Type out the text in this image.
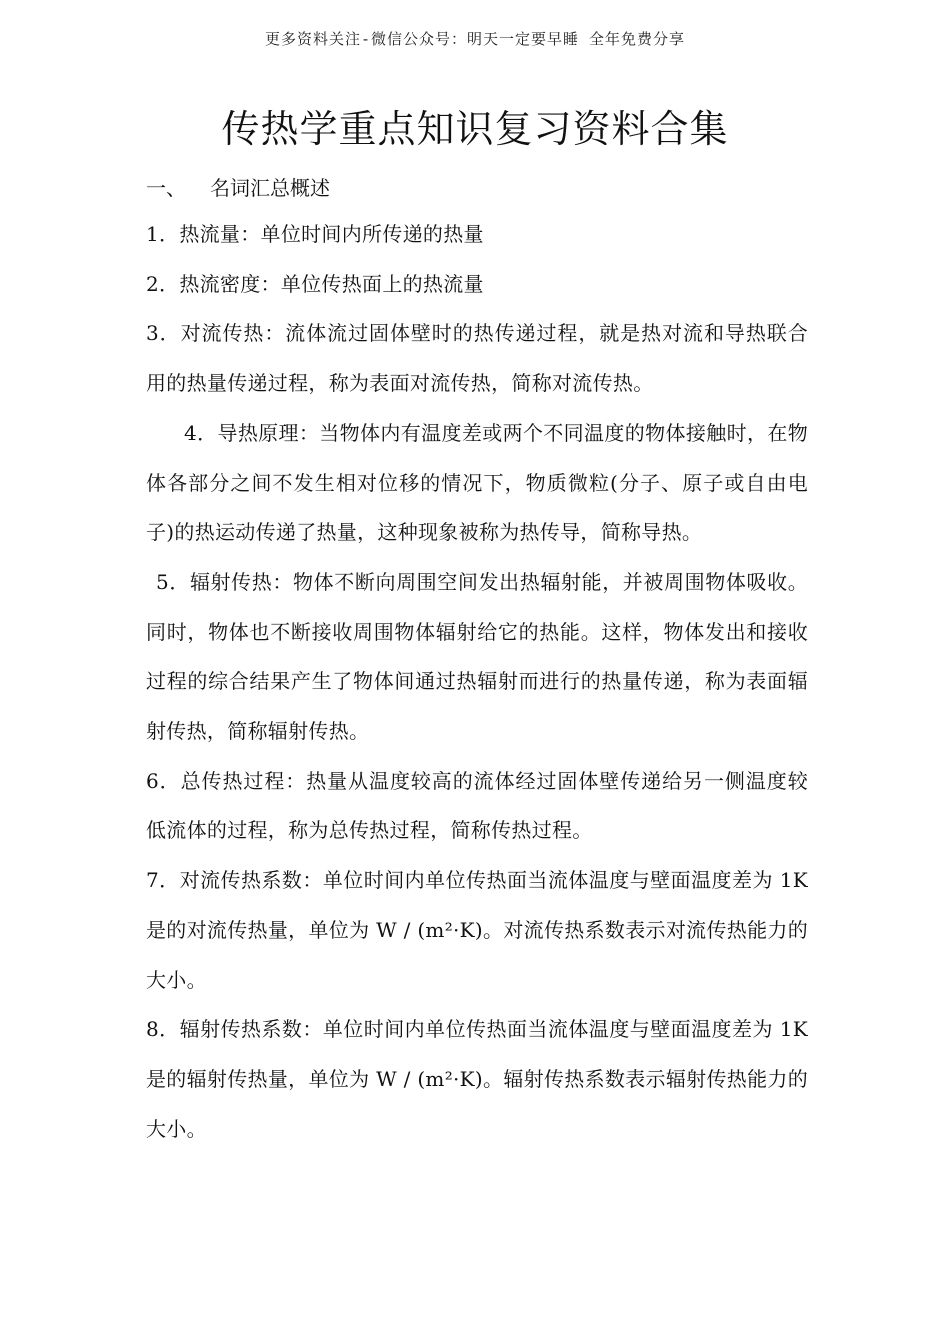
更多资料关注-微信公众号：明天一定要早睡 全年免费分享
传热学重点知识复习资料合集
一、 名词汇总概述

1．热流量：单位时间内所传递的热量

2．热流密度：单位传热面上的热流量

3．对流传热：流体流过固体壁时的热传递过程，就是热对流和导热联合用的热量传递过程，称为表面对流传热，简称对流传热。

4．导热原理：当物体内有温度差或两个不同温度的物体接触时，在物体各部分之间不发生相对位移的情况下，物质微粒(分子、原子或自由电子)的热运动传递了热量，这种现象被称为热传导，简称导热。

5．辐射传热：物体不断向周围空间发出热辐射能，并被周围物体吸收。同时，物体也不断接收周围物体辐射给它的热能。这样，物体发出和接收过程的综合结果产生了物体间通过热辐射而进行的热量传递，称为表面辐射传热，简称辐射传热。

6．总传热过程：热量从温度较高的流体经过固体壁传递给另一侧温度较低流体的过程，称为总传热过程，简称传热过程。

7．对流传热系数：单位时间内单位传热面当流体温度与壁面温度差为 1K 是的对流传热量，单位为 W / (m²·K)。对流传热系数表示对流传热能力的大小。

8．辐射传热系数：单位时间内单位传热面当流体温度与壁面温度差为 1K 是的辐射传热量，单位为 W / (m²·K)。辐射传热系数表示辐射传热能力的大小。
